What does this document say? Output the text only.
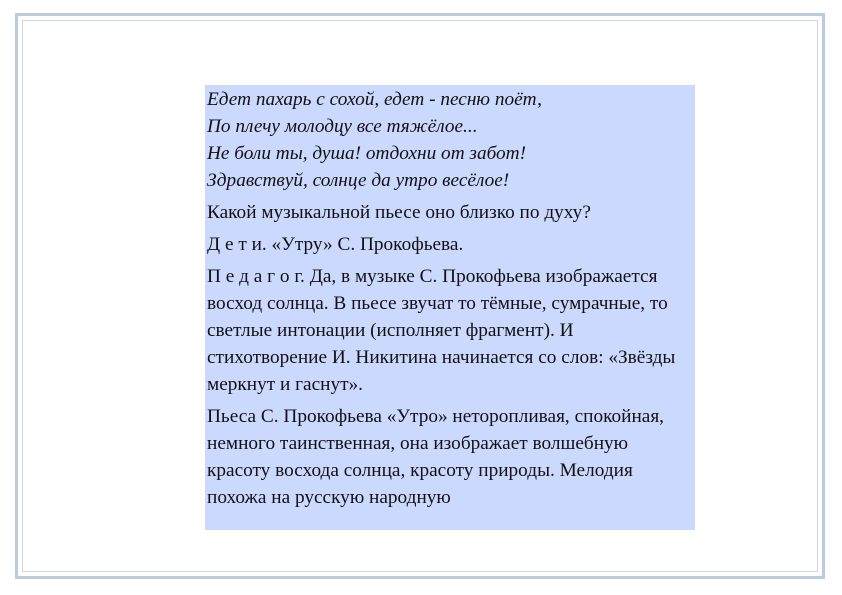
Едет пахарь с сохой, едет - песню поёт,
По плечу молодцу все тяжёлое...
Не боли ты, душа! отдохни от забот!
Здравствуй, солнце да утро весёлое!

Какой музыкальной пьесе оно близко по духу?

Д е т и. «Утру» С. Прокофьева.

П е д а г о г. Да, в музыке С. Прокофьева изображается восход солнца. В пьесе звучат то тёмные, сумрачные, то светлые интонации (исполняет фрагмент). И стихотворение И. Никитина начинается со слов: «Звёзды меркнут и гаснут».

Пьеса С. Прокофьева «Утро» неторопливая, спокойная, немного таинственная, она изображает волшебную красоту восхода солнца, красоту природы. Мелодия похожа на русскую народную
